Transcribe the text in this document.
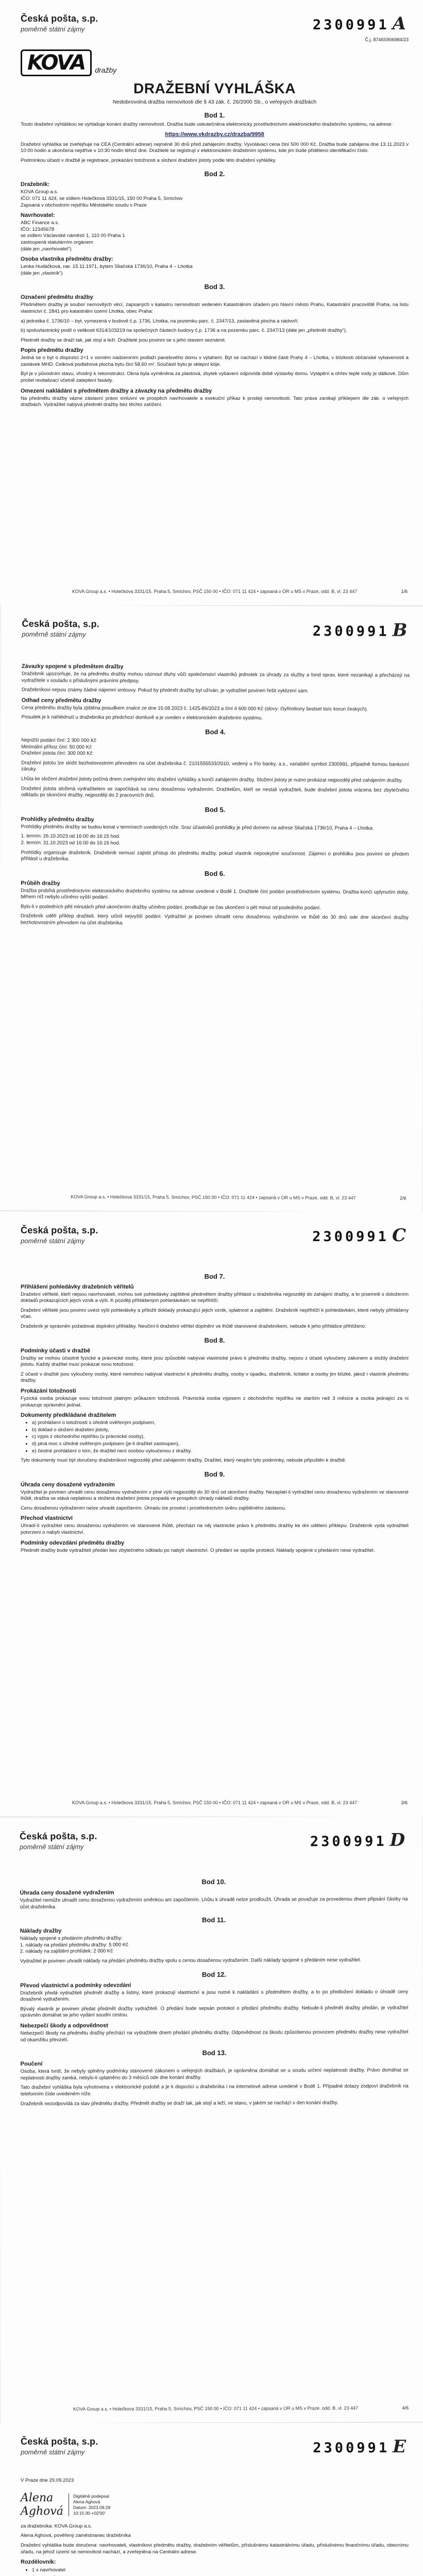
Česká pošta, s.p.
poměrně státní zájmy	2300991 A
Č.j. 8746S906984/23
KOVA	dražby
DRAŽEBNÍ VYHLÁŠKA
Nedobrovolná dražba nemovitosti dle § 43 zák. č. 26/2000 Sb., o veřejných dražbách
Bod 1.

Touto dražební vyhláškou se vyhlašuje konání dražby nemovitostí. Dražba bude uskutečněna elektronicky prostřednictvím elektronického dražebního systému, na adrese:

https://www.vkdrazby.cz/drazba/9958

Dražební vyhláška se zveřejňuje na CEA (Centrální adrese) nejméně 30 dnů před zahájením dražby. Vyvolávací cena činí 500 000 Kč. Dražba bude zahájena dne 13.11.2023 v 10:00 hodin a ukončena nejdříve v 10:30 hodin téhož dne. Dražitelé se registrují v elektronickém dražebním systému, kde jim bude přiděleno identifikační číslo.

Podmínkou účasti v dražbě je registrace, prokázání totožnosti a složení dražební jistoty podle této dražební vyhlášky.

Bod 2.
Dražebník:
KOVA Group a.s.
IČO: 071 11 424, se sídlem Holečkova 3331/15, 150 00 Praha 5, Smíchov
Zapsaná v obchodním rejstříku Městského soudu v Praze
Navrhovatel:
ABC Finance a.s.
IČO: 12345678
se sídlem Václavské náměstí 1, 110 00 Praha 1
zastoupená statutárním orgánem
(dále jen „navrhovatel“)
Osoba vlastníka předmětu dražby:
Lenka Hudáčková, nar. 15.11.1971, bytem Sliačská 1736/10, Praha 4 – Lhotka
(dále jen „vlastník“)
Bod 3.
Označení předmětu dražby

Předmětem dražby je soubor nemovitých věcí, zapsaných v katastru nemovitostí vedeném Katastrálním úřadem pro hlavní město Prahu, Katastrální pracoviště Praha, na listu vlastnictví č. 2841 pro katastrální území Lhotka, obec Praha:

a) jednotka č. 1736/10 – byt, vymezená v budově č.p. 1736, Lhotka, na pozemku parc. č. 2347/13, zastavěná plocha a nádvoří;

b) spoluvlastnický podíl o velikosti 6314/103219 na společných částech budovy č.p. 1736 a na pozemku parc. č. 2347/13 (dále jen „předmět dražby“).

Předmět dražby se draží tak, jak stojí a leží. Dražitelé jsou povinni se s jeho stavem seznámit.

Popis předmětu dražby

Jedná se o byt o dispozici 2+1 v osmém nadzemním podlaží panelového domu s výtahem. Byt se nachází v klidné části Prahy 4 – Lhotka, v blízkosti občanské vybavenosti a zastávek MHD. Celková podlahová plocha bytu činí 58,60 m². Součástí bytu je sklepní kóje.

Byt je v původním stavu, vhodný k rekonstrukci. Okna byla vyměněna za plastová, zbytek vybavení odpovídá době výstavby domu. Vytápění a ohřev teplé vody je dálkové. Dům prošel revitalizací včetně zateplení fasády.

Omezení nakládání s předmětem dražby a závazky na předmětu dražby

Na předmětu dražby vázne zástavní právo smluvní ve prospěch navrhovatele a exekuční příkaz k prodeji nemovitosti. Tato práva zanikají příklepem dle zák. o veřejných dražbách. Vydražitel nabývá předmět dražby bez těchto zatížení.

KOVA Group a.s. • Holečkova 3331/15, Praha 5, Smíchov, PSČ 150 00 • IČO: 071 11 424 • zapsaná v OR u MS v Praze, odd. B, vl. 23 447	1/6
Česká pošta, s.p.
poměrně státní zájmy	2300991 B
Závazky spojené s předmětem dražby

Dražebník upozorňuje, že na předmětu dražby mohou váznout dluhy vůči společenství vlastníků jednotek za úhrady za služby a fond oprav, které nezanikají a přecházejí na vydražitele v souladu s příslušnými právními předpisy.

Dražebníkovi nejsou známy žádné nájemní smlouvy. Pokud by předmět dražby byl užíván, je vydražitel povinen řešit vyklizení sám.

Odhad ceny předmětu dražby

Cena předmětu dražby byla zjištěna posudkem znalce ze dne 15.08.2023 č. 1425-86/2023 a činí 4 600 000 Kč (slovy: čtyřimiliony šestset tisíc korun českých).

Posudek je k nahlédnutí u dražebníka po předchozí domluvě a je uveden v elektronickém dražebním systému.

Bod 4.
Nejnižší podání činí: 2 300 000 Kč
Minimální příhoz činí: 50 000 Kč
Dražební jistota činí: 300 000 Kč

Dražební jistotu lze složit bezhotovostním převodem na účet dražebníka č. 2101555533/2010, vedený u Fio banky, a.s., variabilní symbol 2300991, případně formou bankovní záruky.

Lhůta ke složení dražební jistoty počíná dnem zveřejnění této dražební vyhlášky a končí zahájením dražby. Složení jistoty je nutno prokázat nejpozději před zahájením dražby.

Dražební jistota složená vydražitelem se započítává na cenu dosaženou vydražením. Dražitelům, kteří se nestali vydražiteli, bude dražební jistota vrácena bez zbytečného odkladu po skončení dražby, nejpozději do 2 pracovních dnů.

Bod 5.
Prohlídky předmětu dražby

Prohlídky předmětu dražby se budou konat v termínech uvedených níže. Sraz účastníků prohlídky je před domem na adrese Sliačská 1736/10, Praha 4 – Lhotka.

1. termín: 26.10.2023 od 16:00 do 16:15 hod.
2. termín: 31.10.2023 od 16:00 do 16:15 hod.

Prohlídky organizuje dražebník. Dražebník nemusí zajistit přístup do předmětu dražby, pokud vlastník neposkytne součinnost. Zájemci o prohlídku jsou povinni se předem přihlásit u dražebníka.

Bod 6.
Průběh dražby

Dražba probíhá prostřednictvím elektronického dražebního systému na adrese uvedené v Bodě 1. Dražitelé činí podání prostřednictvím systému. Dražba končí uplynutím doby, během níž nebylo učiněno vyšší podání.

Bylo-li v posledních pěti minutách před ukončením dražby učiněno podání, prodlužuje se čas ukončení o pět minut od posledního podání.

Dražebník udělí příklep dražiteli, který učinil nejvyšší podání. Vydražitel je povinen uhradit cenu dosaženou vydražením ve lhůtě do 30 dnů ode dne skončení dražby bezhotovostním převodem na účet dražebníka.

KOVA Group a.s. • Holečkova 3331/15, Praha 5, Smíchov, PSČ 150 00 • IČO: 071 11 424 • zapsaná v OR u MS v Praze, odd. B, vl. 23 447	2/6
Česká pošta, s.p.
poměrně státní zájmy	2300991 C
Bod 7.
Přihlášení pohledávky dražebních věřitelů

Dražební věřitelé, kteří nejsou navrhovateli, mohou své pohledávky zajištěné předmětem dražby přihlásit u dražebníka nejpozději do zahájení dražby, a to písemně s doložením dokladů prokazujících jejich vznik a výši. K později přihlášeným pohledávkám se nepřihlíží.

Dražební věřitelé jsou povinni uvést výši pohledávky a přiložit doklady prokazující jejich vznik, splatnost a zajištění. Dražebník nepřihlíží k pohledávkám, které nebyly přihlášeny včas.

Dražebník je oprávněn požadovat doplnění přihlášky. Neučiní-li dražební věřitel doplnění ve lhůtě stanovené dražebníkem, nebude k jeho přihlášce přihlíženo.

Bod 8.
Podmínky účasti v dražbě

Dražby se mohou účastnit fyzické a právnické osoby, které jsou způsobilé nabývat vlastnické právo k předmětu dražby, nejsou z účasti vyloučeny zákonem a složily dražební jistotu. Každý dražitel musí prokázat svou totožnost.

Z účasti v dražbě jsou vyloučeny osoby, které nemohou nabývat vlastnictví k předmětu dražby, osoby v úpadku, dražebník, licitátor a osoby jim blízké, jakož i vlastník předmětu dražby.

Prokázání totožnosti

Fyzická osoba prokazuje svou totožnost platným průkazem totožnosti. Právnická osoba výpisem z obchodního rejstříku ne starším než 3 měsíce a osoba jednající za ni prokazuje oprávnění jednat.

Dokumenty předkládané dražitelem
• a) prohlášení o totožnosti s úředně ověřeným podpisem,
• b) doklad o složení dražební jistoty,
• c) výpis z obchodního rejstříku (u právnické osoby),
• d) plná moc s úředně ověřeným podpisem (je-li dražitel zastoupen),
• e) čestné prohlášení o tom, že dražitel není osobou vyloučenou z dražby.

Tyto dokumenty musí být doručeny dražebníkovi nejpozději před zahájením dražby. Dražitel, který nesplní tyto podmínky, nebude připuštěn k dražbě.

Bod 9.
Úhrada ceny dosažené vydražením

Vydražitel je povinen uhradit cenu dosaženou vydražením v plné výši nejpozději do 30 dnů od skončení dražby. Nezaplatí-li vydražitel cenu dosaženou vydražením ve stanovené lhůtě, dražba se stává neplatnou a složená dražební jistota propadá ve prospěch úhrady nákladů dražby.

Cenu dosaženou vydražením nelze uhradit započtením. Úhradu lze provést i prostřednictvím úvěru zajištěného zástavou.

Přechod vlastnictví

Uhradí-li vydražitel cenu dosaženou vydražením ve stanovené lhůtě, přechází na něj vlastnické právo k předmětu dražby ke dni udělení příklepu. Dražebník vydá vydražiteli potvrzení o nabytí vlastnictví.

Podmínky odevzdání předmětu dražby

Předmět dražby bude vydražiteli předán bez zbytečného odkladu po nabytí vlastnictví. O předání se sepíše protokol. Náklady spojené s předáním nese vydražitel.

KOVA Group a.s. • Holečkova 3331/15, Praha 5, Smíchov, PSČ 150 00 • IČO: 071 11 424 • zapsaná v OR u MS v Praze, odd. B, vl. 23 447	3/6
Česká pošta, s.p.
poměrně státní zájmy	2300991 D
Bod 10.
Úhrada ceny dosažené vydražením

Vydražitel nemůže uhradit cenu dosaženou vydražením směnkou ani započtením. Lhůtu k úhradě nelze prodloužit. Úhrada se považuje za provedenou dnem připsání částky na účet dražebníka.

Bod 11.
Náklady dražby
Náklady spojené s předáním předmětu dražby:
1. náklady na předání předmětu dražby: 5 000 Kč
2. náklady na zajištění prohlídek: 2 000 Kč

Vydražitel je povinen uhradit náklady na předání předmětu dražby spolu s cenou dosaženou vydražením. Další náklady spojené s předáním nese vydražitel.

Bod 12.
Převod vlastnictví a podmínky odevzdání

Dražebník předá vydražiteli předmět dražby a listiny, které prokazují vlastnictví a jsou nutné k nakládání s předmětem dražby, a to po předložení dokladu o úhradě ceny dosažené vydražením.

Bývalý vlastník je povinen předat předmět dražby vydražiteli. O předání bude sepsán protokol o předání předmětu dražby. Nebude-li předmět dražby předán, je vydražitel oprávněn domáhat se jeho vydání soudní cestou.

Nebezpečí škody a odpovědnost

Nebezpečí škody na předmětu dražby přechází na vydražitele dnem předání předmětu dražby. Odpovědnost za škodu způsobenou provozem předmětu dražby nese vydražitel od okamžiku převzetí.

Bod 13.
Poučení

Osoba, která tvrdí, že nebyly splněny podmínky stanovené zákonem o veřejných dražbách, je oprávněna domáhat se u soudu určení neplatnosti dražby. Právo domáhat se neplatnosti dražby zaniká, nebylo-li uplatněno do 3 měsíců ode dne konání dražby.

Tato dražební vyhláška byla vyhotovena v elektronické podobě a je k dispozici u dražebníka i na internetové adrese uvedené v Bodě 1. Případné dotazy zodpoví dražebník na telefonním čísle uvedeném níže.

Dražebník nezodpovídá za stav předmětu dražby. Předmět dražby se draží tak, jak stojí a leží, ve stavu, v jakém se nachází v den konání dražby.

KOVA Group a.s. • Holečkova 3331/15, Praha 5, Smíchov, PSČ 150 00 • IČO: 071 11 424 • zapsaná v OR u MS v Praze, odd. B, vl. 23 447	4/6
Česká pošta, s.p.
poměrně státní zájmy	2300991 E

V Praze dne 29.09.2023

Alena
Aghová
Digitálně podepsal
Alena Aghová
Datum: 2023.09.29
10:15:30 +02'00'

za dražebníka: KOVA Group a.s.

Alena Aghová, pověřený zaměstnanec dražebníka

Dražební vyhláška bude doručena: navrhovateli, vlastníkovi předmětu dražby, dražebním věřitelům, příslušnému katastrálnímu úřadu, příslušnému finančnímu úřadu, obecnímu úřadu, na jehož území se nemovitost nachází, a zveřejněna na Centrální adrese.

Rozdělovník:
• 1 x navrhovatel
•
